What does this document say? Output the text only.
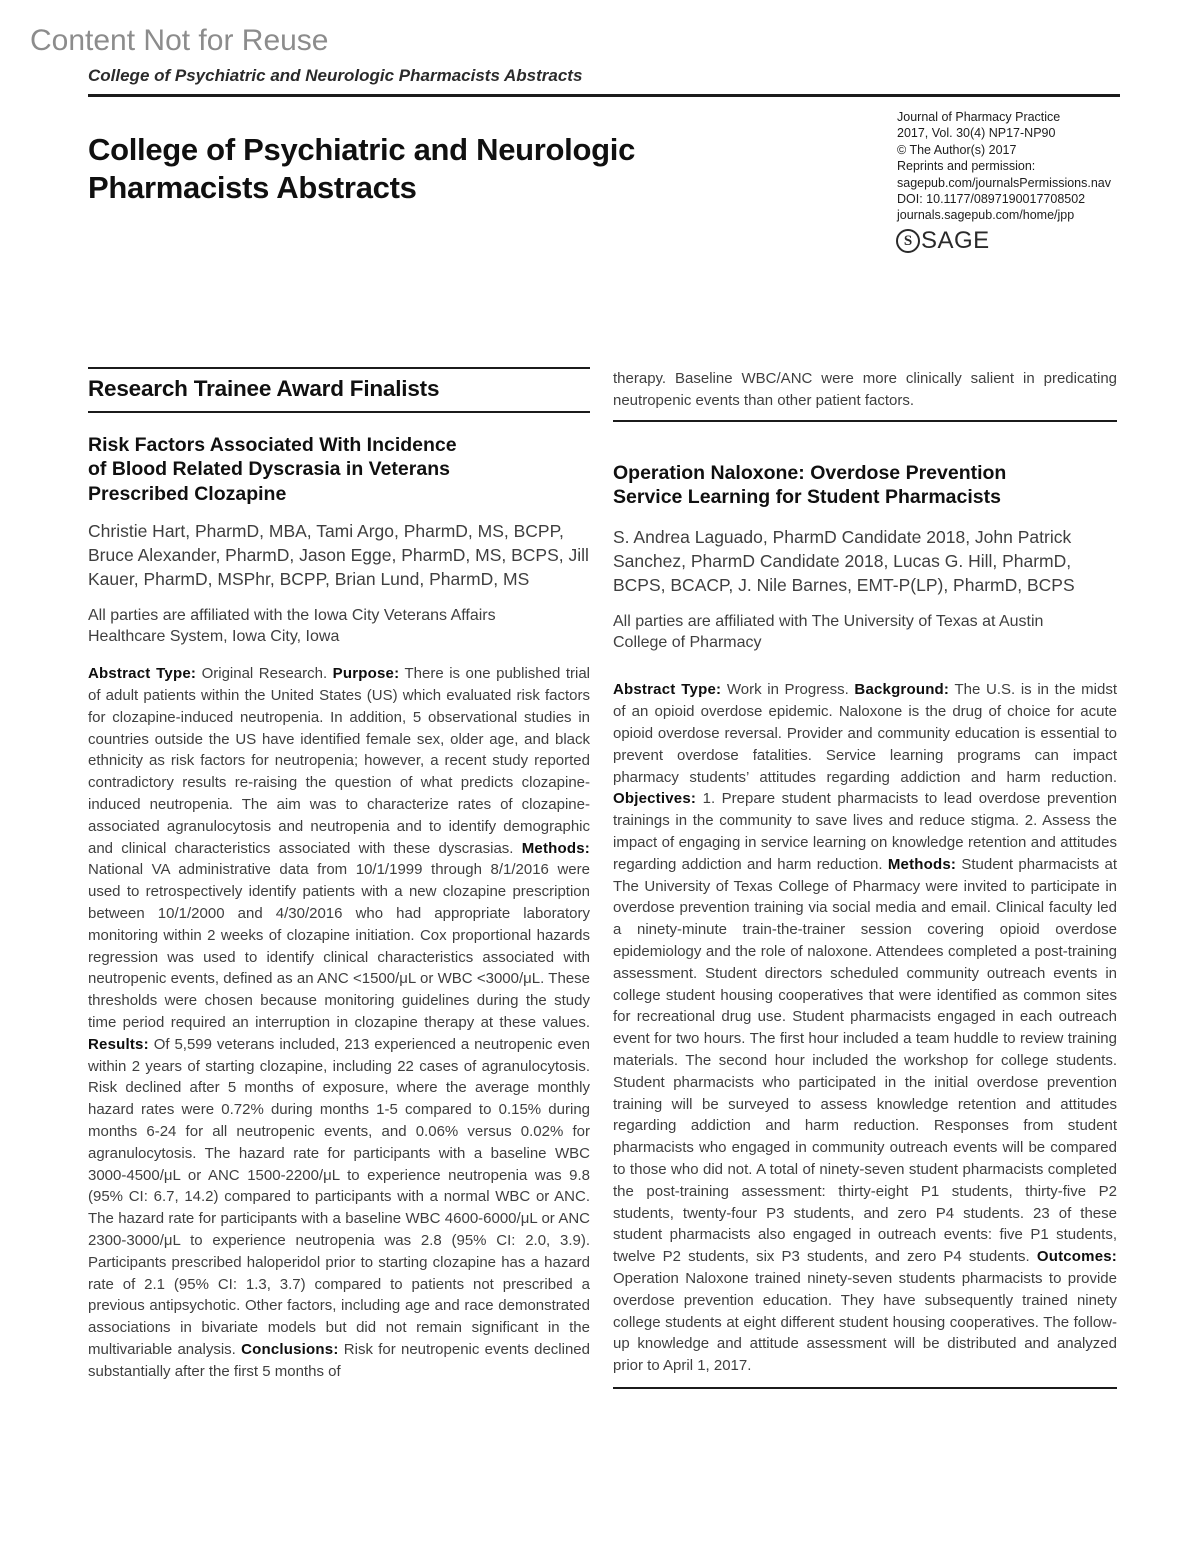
Content Not for Reuse
College of Psychiatric and Neurologic Pharmacists Abstracts
College of Psychiatric and Neurologic
Pharmacists Abstracts
Journal of Pharmacy Practice
2017, Vol. 30(4) NP17-NP90
© The Author(s) 2017
Reprints and permission:
sagepub.com/journalsPermissions.nav
DOI: 10.1177/0897190017708502
journals.sagepub.com/home/jpp
S SAGE
Research Trainee Award Finalists
Risk Factors Associated With Incidence
of Blood Related Dyscrasia in Veterans
Prescribed Clozapine
Christie Hart, PharmD, MBA, Tami Argo, PharmD, MS, BCPP, Bruce Alexander, PharmD, Jason Egge, PharmD, MS, BCPS, Jill Kauer, PharmD, MSPhr, BCPP, Brian Lund, PharmD, MS
All parties are affiliated with the Iowa City Veterans Affairs Healthcare System, Iowa City, Iowa
Abstract Type: Original Research. Purpose: There is one published trial of adult patients within the United States (US) which evaluated risk factors for clozapine-induced neutropenia. In addition, 5 observational studies in countries outside the US have identified female sex, older age, and black ethnicity as risk factors for neutropenia; however, a recent study reported contradictory results re-raising the question of what predicts clozapine-induced neutropenia. The aim was to characterize rates of clozapine-associated agranulocytosis and neutropenia and to identify demographic and clinical characteristics associated with these dyscrasias. Methods: National VA administrative data from 10/1/1999 through 8/1/2016 were used to retrospectively identify patients with a new clozapine prescription between 10/1/2000 and 4/30/2016 who had appropriate laboratory monitoring within 2 weeks of clozapine initiation. Cox proportional hazards regression was used to identify clinical characteristics associated with neutropenic events, defined as an ANC <1500/μL or WBC <3000/μL. These thresholds were chosen because monitoring guidelines during the study time period required an interruption in clozapine therapy at these values. Results: Of 5,599 veterans included, 213 experienced a neutropenic even within 2 years of starting clozapine, including 22 cases of agranulocytosis. Risk declined after 5 months of exposure, where the average monthly hazard rates were 0.72% during months 1-5 compared to 0.15% during months 6-24 for all neutropenic events, and 0.06% versus 0.02% for agranulocytosis. The hazard rate for participants with a baseline WBC 3000-4500/μL or ANC 1500-2200/μL to experience neutropenia was 9.8 (95% CI: 6.7, 14.2) compared to participants with a normal WBC or ANC. The hazard rate for participants with a baseline WBC 4600-6000/μL or ANC 2300-3000/μL to experience neutropenia was 2.8 (95% CI: 2.0, 3.9). Participants prescribed haloperidol prior to starting clozapine has a hazard rate of 2.1 (95% CI: 1.3, 3.7) compared to patients not prescribed a previous antipsychotic. Other factors, including age and race demonstrated associations in bivariate models but did not remain significant in the multivariable analysis. Conclusions: Risk for neutropenic events declined substantially after the first 5 months of
therapy. Baseline WBC/ANC were more clinically salient in predicating neutropenic events than other patient factors.
Operation Naloxone: Overdose Prevention
Service Learning for Student Pharmacists
S. Andrea Laguado, PharmD Candidate 2018, John Patrick Sanchez, PharmD Candidate 2018, Lucas G. Hill, PharmD, BCPS, BCACP, J. Nile Barnes, EMT-P(LP), PharmD, BCPS
All parties are affiliated with The University of Texas at Austin College of Pharmacy
Abstract Type: Work in Progress. Background: The U.S. is in the midst of an opioid overdose epidemic. Naloxone is the drug of choice for acute opioid overdose reversal. Provider and community education is essential to prevent overdose fatalities. Service learning programs can impact pharmacy students’ attitudes regarding addiction and harm reduction. Objectives: 1. Prepare student pharmacists to lead overdose prevention trainings in the community to save lives and reduce stigma. 2. Assess the impact of engaging in service learning on knowledge retention and attitudes regarding addiction and harm reduction. Methods: Student pharmacists at The University of Texas College of Pharmacy were invited to participate in overdose prevention training via social media and email. Clinical faculty led a ninety-minute train-the-trainer session covering opioid overdose epidemiology and the role of naloxone. Attendees completed a post-training assessment. Student directors scheduled community outreach events in college student housing cooperatives that were identified as common sites for recreational drug use. Student pharmacists engaged in each outreach event for two hours. The first hour included a team huddle to review training materials. The second hour included the workshop for college students. Student pharmacists who participated in the initial overdose prevention training will be surveyed to assess knowledge retention and attitudes regarding addiction and harm reduction. Responses from student pharmacists who engaged in community outreach events will be compared to those who did not. A total of ninety-seven student pharmacists completed the post-training assessment: thirty-eight P1 students, thirty-five P2 students, twenty-four P3 students, and zero P4 students. 23 of these student pharmacists also engaged in outreach events: five P1 students, twelve P2 students, six P3 students, and zero P4 students. Outcomes: Operation Naloxone trained ninety-seven students pharmacists to provide overdose prevention education. They have subsequently trained ninety college students at eight different student housing cooperatives. The follow-up knowledge and attitude assessment will be distributed and analyzed prior to April 1, 2017.
